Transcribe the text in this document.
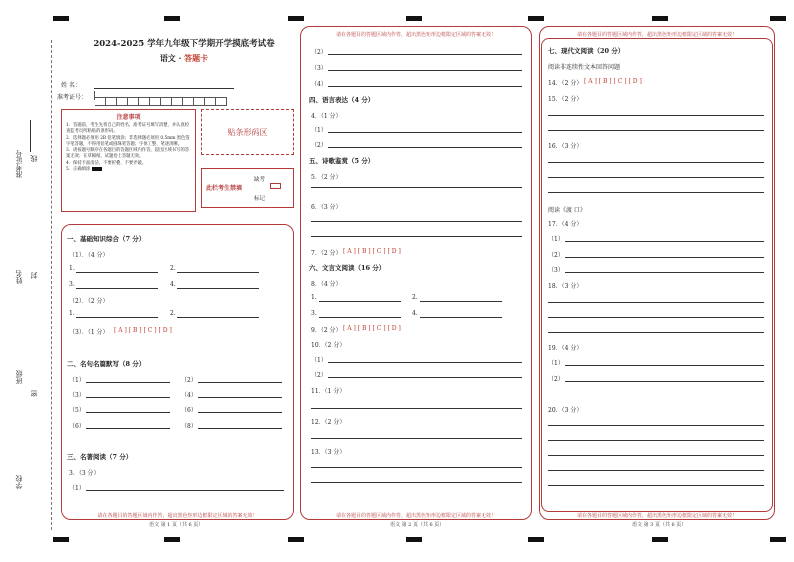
准考证号 线
姓名 封
班级
密
学校
2024-2025 学年九年级下学期开学摸底考试卷
语文 · 答题卡
姓 名：
准考证号：
注意事项
1．答题前，考生先将自己的姓名，准考证号填写清楚，并认真检查监考员所粘贴的条形码。
2．选择题必须用 2B 铅笔填涂；非选择题必须用 0.5mm 黑色签字笔答题，不得用铅笔或圆珠笔答题；字体工整、笔迹清晰。
3．请按题号顺序在各题目的答题区域内作答，超出区域书写的答案无效；在草稿纸、试题卷上答题无效。
4．保持卡面清洁，不要折叠、不要弄破。
5．正确填涂
贴条形码区
此栏考生禁填
缺考
标记
一、基础知识综合（7 分）
（1）．（4 分）
1.	2.
3.	4.
（2）．（2 分）
1.	2.
（3）．（1 分） [ A ] [ B ] [ C ] [ D ]
二、名句名篇默写（8 分）
（1）	（2）
（3）	（4）
（5）	（6）
（6）	（8）
三、名著阅读（7 分）
3．（3 分）
（1）
请在各题目的答题区域内作答，超出黑色矩形边框限定区域的答案无效！
语文 第 1 页（共 6 页）
请在各题目的答题区域内作答，超出黑色矩形边框限定区域的答案无效！
（2）
（3）
（4）
四、语言表达（4 分）
4．（1 分）
（1）
（2）
五、诗歌鉴赏（5 分）
5．（2 分）
6．（3 分）
7．（2 分） [ A ] [ B ] [ C ] [ D ]
六、文言文阅读（16 分）
8．（4 分）
1.	2.
3.	4.
9．（2 分） [ A ] [ B ] [ C ] [ D ]
10．（2 分）
（1）
（2）
11．（1 分）
12．（2 分）
13．（3 分）
请在各题目的答题区域内作答，超出黑色矩形边框限定区域的答案无效！
语文 第 2 页（共 6 页）
请在各题目的答题区域内作答，超出黑色矩形边框限定区域的答案无效！
七、现代文阅读（20 分）
阅读非连续性文本回答问题
14．（2 分） [ A ] [ B ] [ C ] [ D ]
15．（2 分）
16．（3 分）
阅读《渡 口》
17．（4 分）
（1）
（2）
（3）
18．（3 分）
19．（4 分）
（1）
（2）
20．（3 分）
请在各题目的答题区域内作答，超出黑色矩形边框限定区域的答案无效！
语文 第 3 页（共 6 页）
